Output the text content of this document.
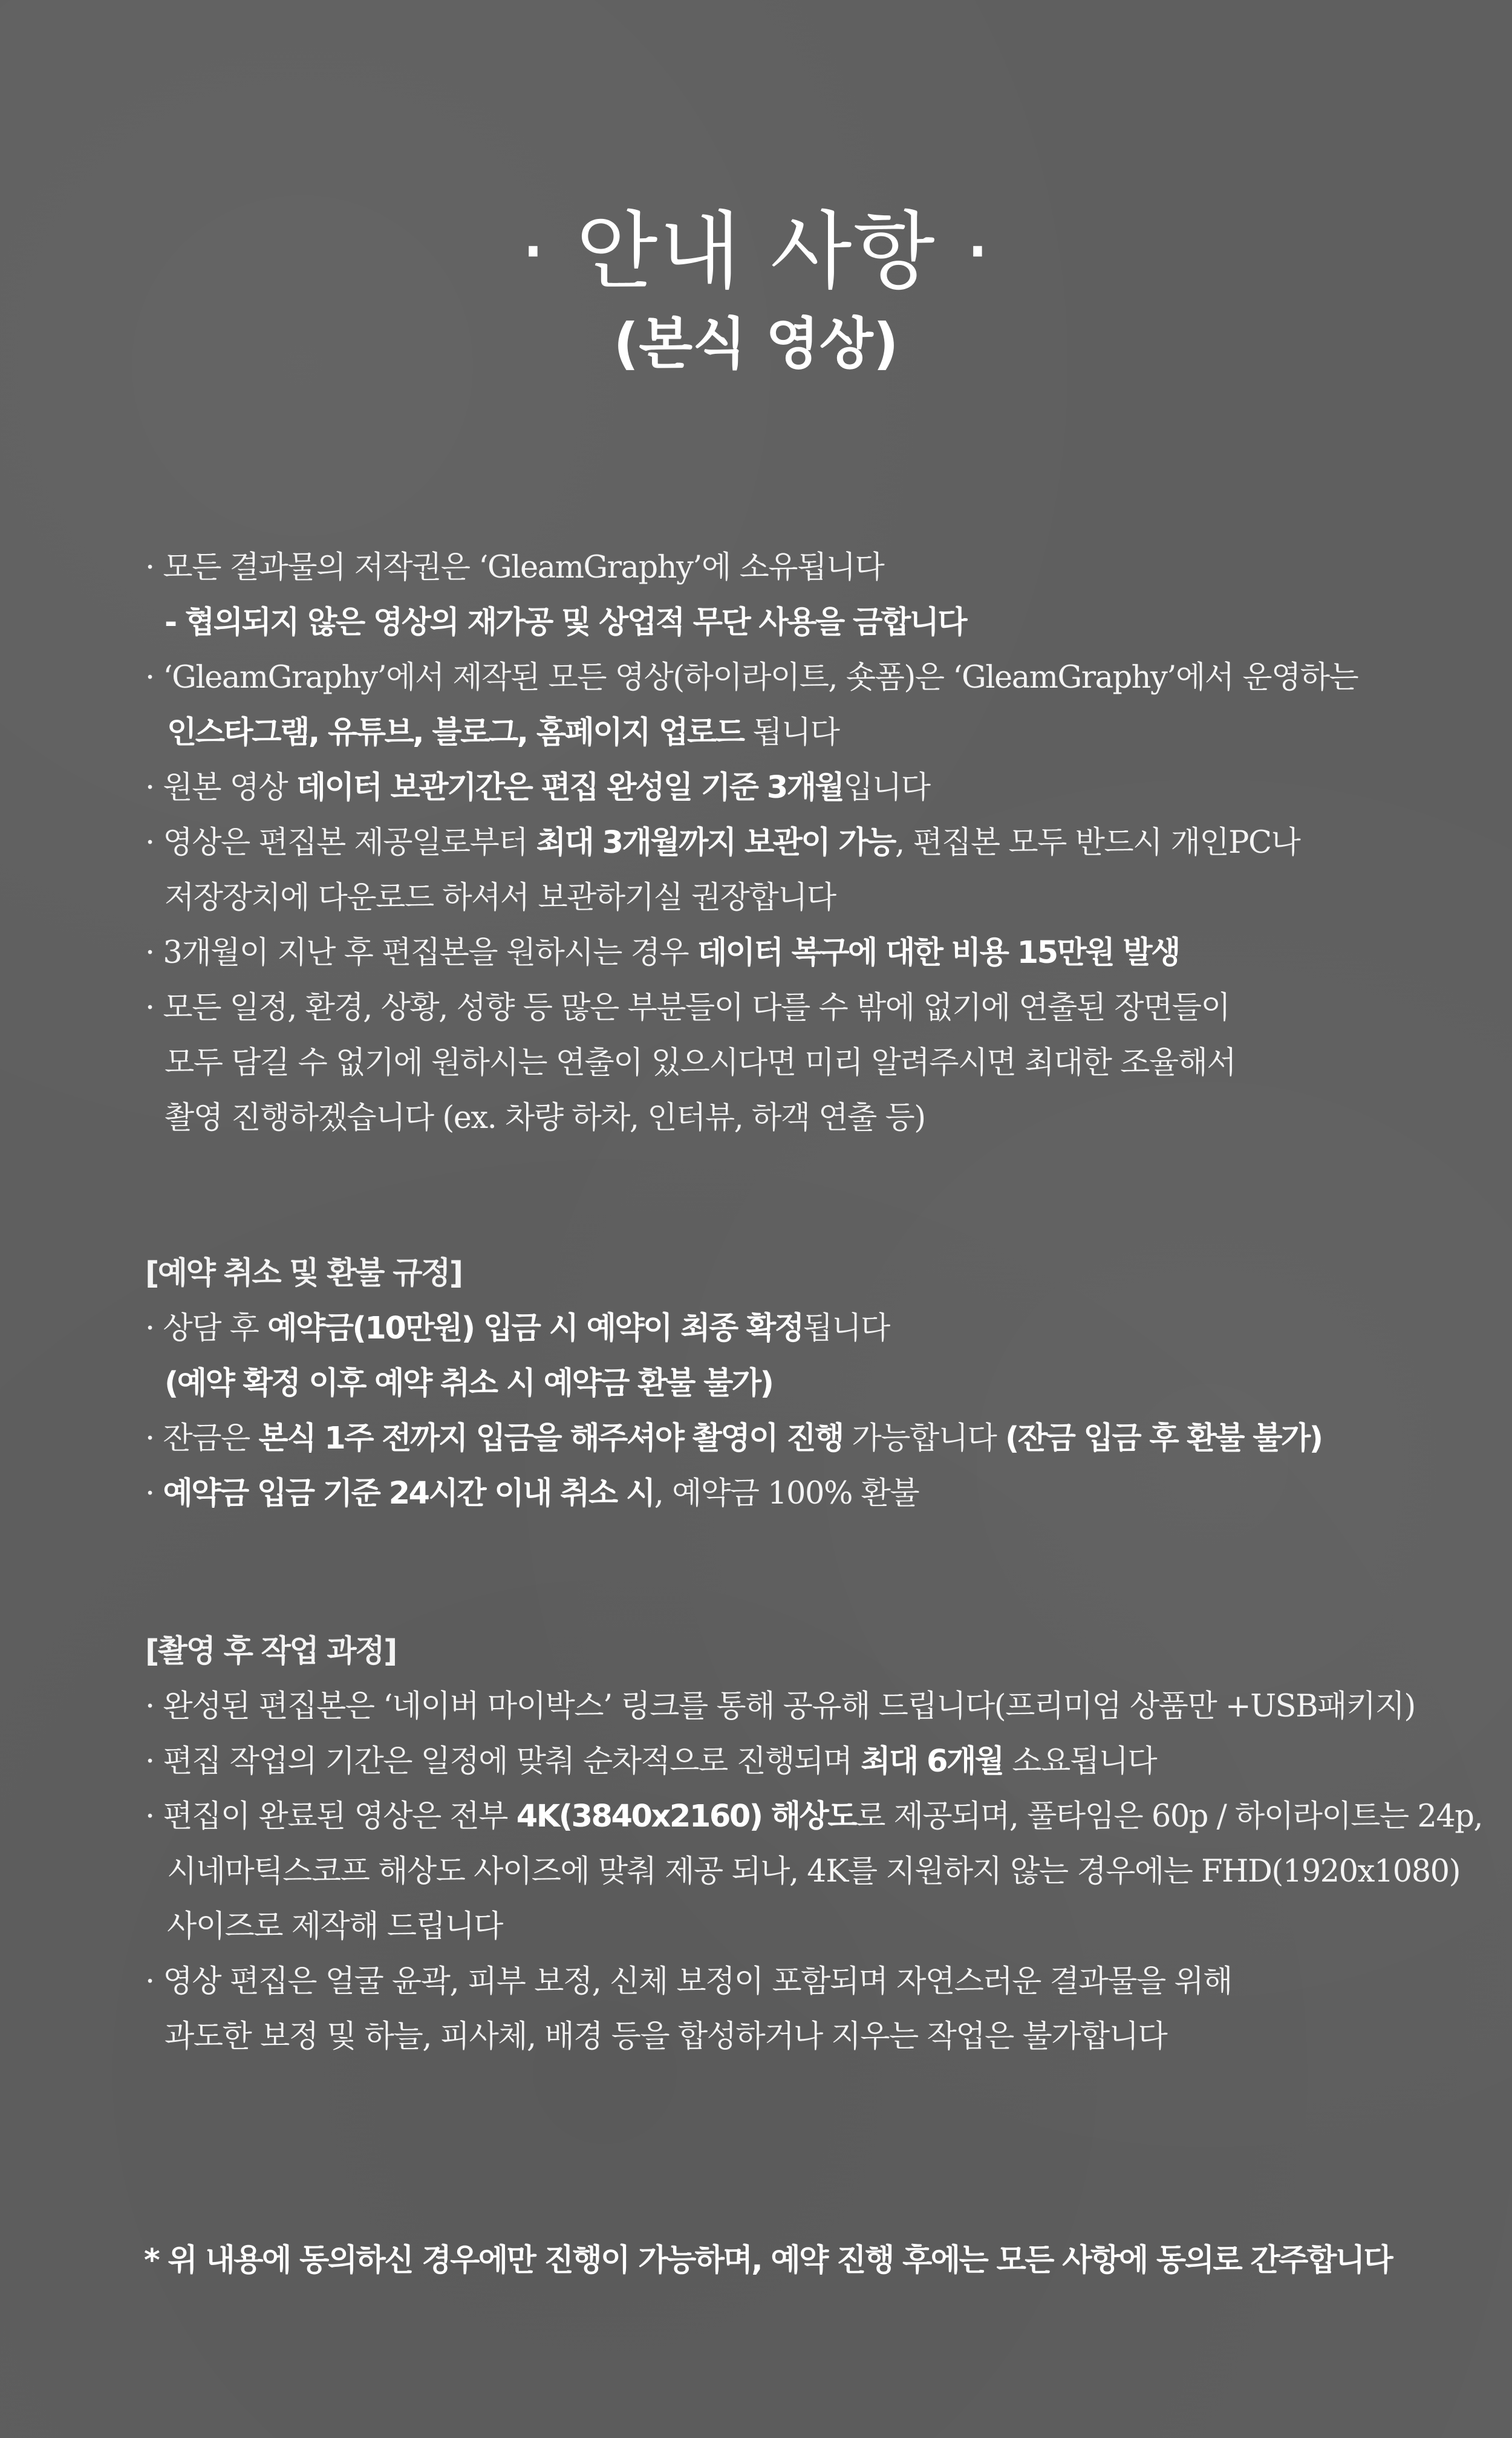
· 안내 사항 ·
(본식 영상)
· 모든 결과물의 저작권은 ‘GleamGraphy’에 소유됩니다
- 협의되지 않은 영상의 재가공 및 상업적 무단 사용을 금합니다
· ‘GleamGraphy’에서 제작된 모든 영상(하이라이트, 숏폼)은 ‘GleamGraphy’에서 운영하는
인스타그램, 유튜브, 블로그, 홈페이지 업로드 됩니다
· 원본 영상 데이터 보관기간은 편집 완성일 기준 3개월입니다
· 영상은 편집본 제공일로부터 최대 3개월까지 보관이 가능, 편집본 모두 반드시 개인PC나
저장장치에 다운로드 하셔서 보관하기실 권장합니다
· 3개월이 지난 후 편집본을 원하시는 경우 데이터 복구에 대한 비용 15만원 발생
· 모든 일정, 환경, 상황, 성향 등 많은 부분들이 다를 수 밖에 없기에 연출된 장면들이
모두 담길 수 없기에 원하시는 연출이 있으시다면 미리 알려주시면 최대한 조율해서
촬영 진행하겠습니다 (ex. 차량 하차, 인터뷰, 하객 연출 등)
[예약 취소 및 환불 규정]
· 상담 후 예약금(10만원) 입금 시 예약이 최종 확정됩니다
(예약 확정 이후 예약 취소 시 예약금 환불 불가)
· 잔금은 본식 1주 전까지 입금을 해주셔야 촬영이 진행 가능합니다 (잔금 입금 후 환불 불가)
· 예약금 입금 기준 24시간 이내 취소 시, 예약금 100% 환불
[촬영 후 작업 과정]
· 완성된 편집본은 ‘네이버 마이박스’ 링크를 통해 공유해 드립니다(프리미엄 상품만 +USB패키지)
· 편집 작업의 기간은 일정에 맞춰 순차적으로 진행되며 최대 6개월 소요됩니다
· 편집이 완료된 영상은 전부 4K(3840x2160) 해상도로 제공되며, 풀타임은 60p / 하이라이트는 24p,
시네마틱스코프 해상도 사이즈에 맞춰 제공 되나, 4K를 지원하지 않는 경우에는 FHD(1920x1080)
사이즈로 제작해 드립니다
· 영상 편집은 얼굴 윤곽, 피부 보정, 신체 보정이 포함되며 자연스러운 결과물을 위해
과도한 보정 및 하늘, 피사체, 배경 등을 합성하거나 지우는 작업은 불가합니다
* 위 내용에 동의하신 경우에만 진행이 가능하며, 예약 진행 후에는 모든 사항에 동의로 간주합니다
